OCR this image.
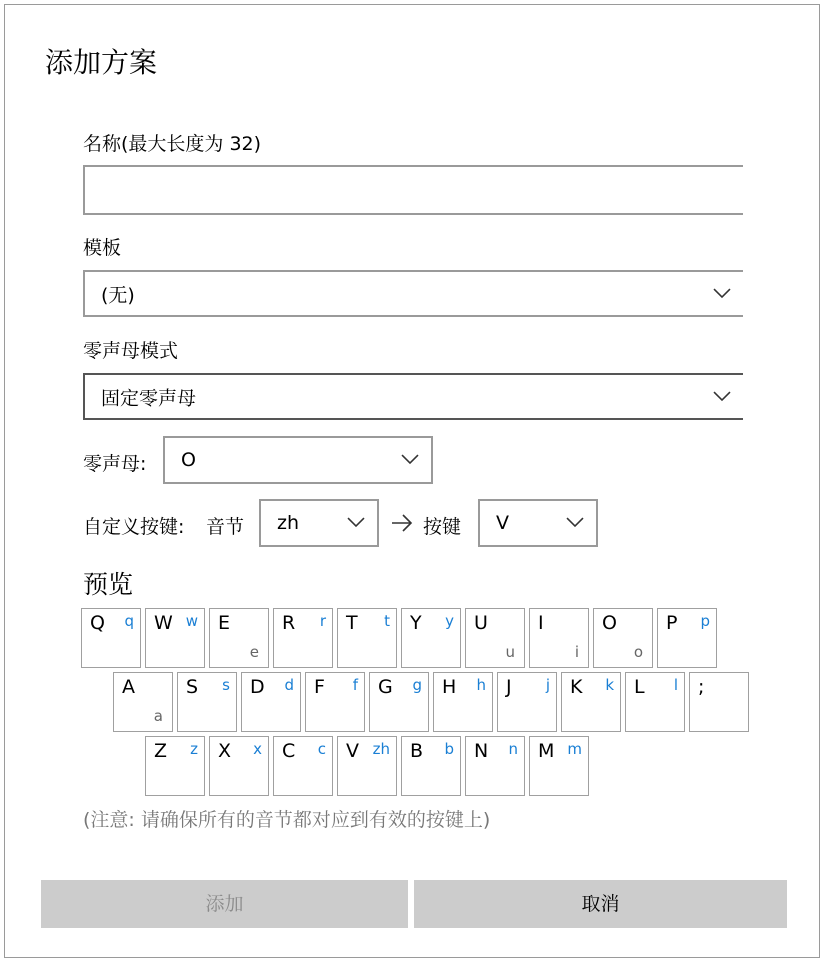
添加方案
名称(最大长度为 32)
模板
(无)
零声母模式
固定零声母
零声母: O
自定义按键: 音节 zh	按键 V
预览
Q q W w E
e
R r T t Y y U
u
I
i
O
o
P p
A
a
S s D d F f G g H h J j K k L l ;
Z z X x C c V zh B b N n M m
(注意: 请确保所有的音节都对应到有效的按键上)
添加	取消
